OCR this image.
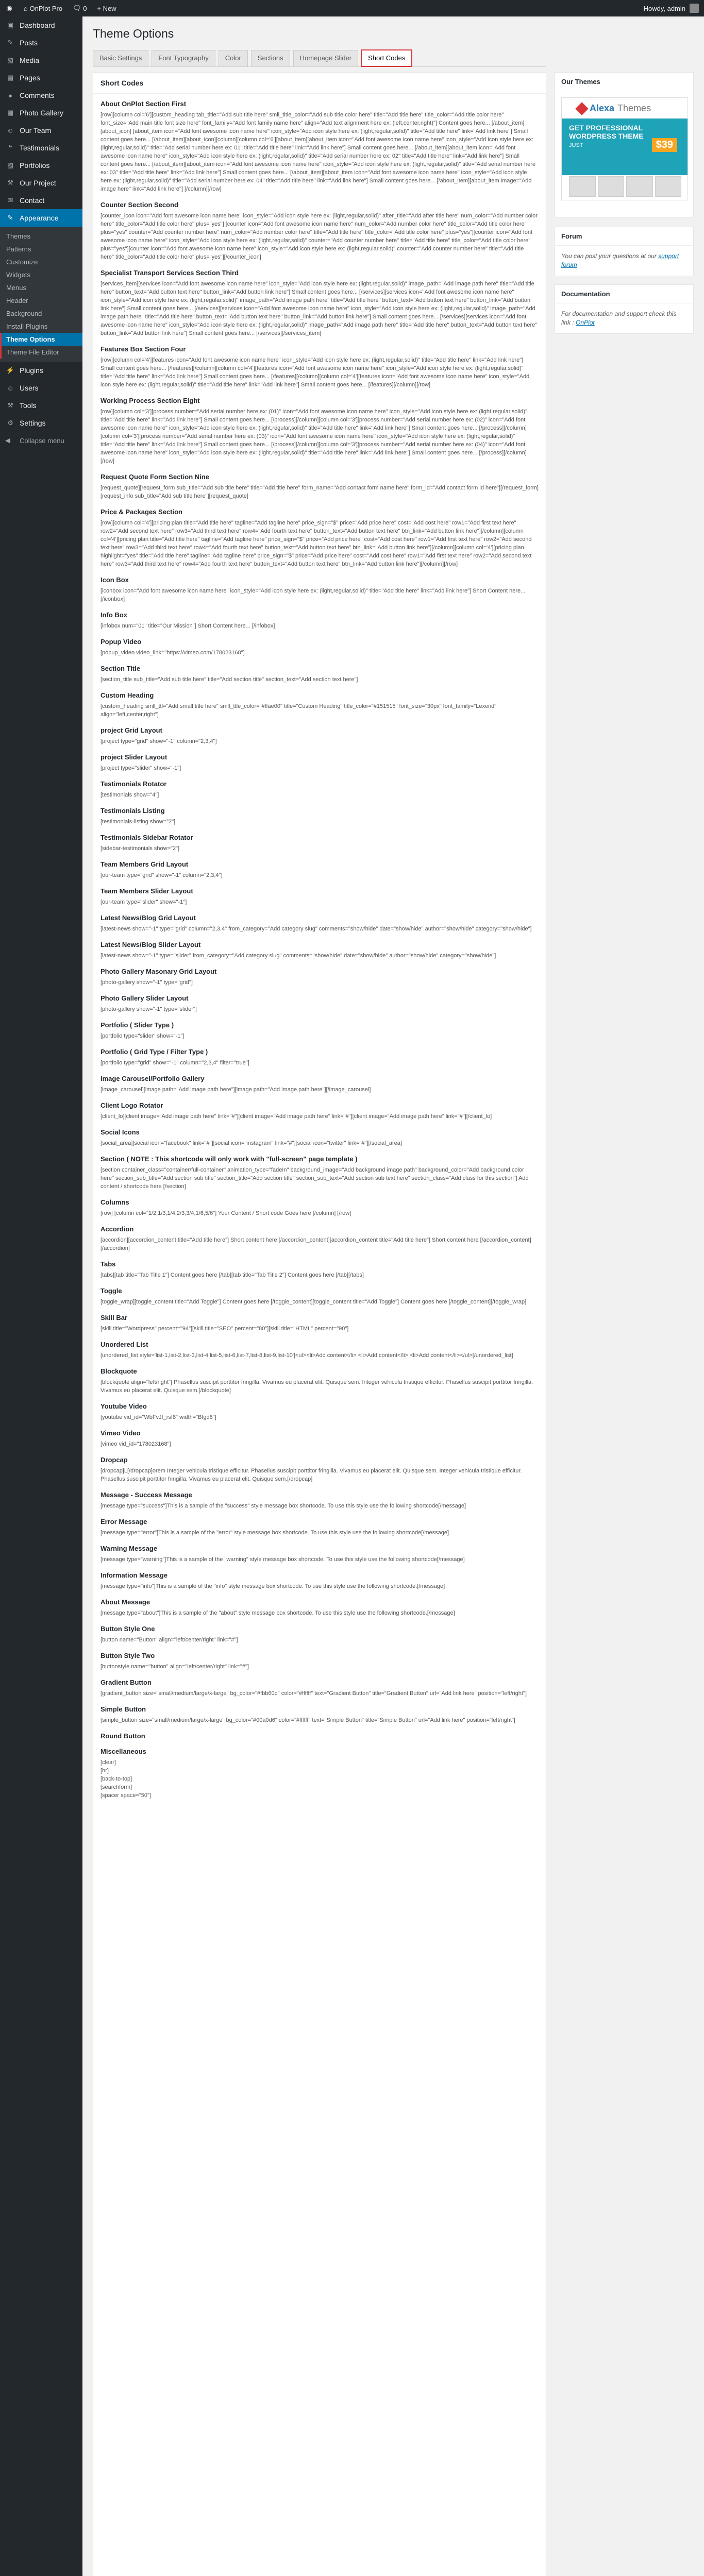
◉	⌂ OnPlot Pro	🗨 0	+ New	Howdy, admin
▣ Dashboard
✎ Posts
▧ Media
▤ Pages
●	Comments
▦ Photo Gallery
☺ Our Team
❝	Testimonials
▨ Portfolios
⚒ Our Project
✉ Contact
✎ Appearance
Themes
Patterns
Customize
Widgets
Menus
Header
Background
Install Plugins
Theme Options
Theme File Editor
⚡ Plugins
☺ Users
⚒ Tools
⚙ Settings
◀	Collapse menu
Theme Options
Basic Settings	Font Typography	Color	Sections	Homepage Slider	Short Codes
Short Codes
About OnPlot Section First
[row][column col='6'][custom_heading tab_title="Add sub title here" smll_title_color="Add sub title color here" title="Add title here" title_color="Add title color here" font_size="Add main title font size here" font_family="Add font family name here" align="Add text alignment here ex: (left,center,right)"] Content goes here... [/about_item][about_icon] [about_item icon="Add font awesome icon name here" icon_style="Add icon style here ex: (light,regular,solid)" title="Add title here" link="Add link here"] Small content goes here... [/about_item][about_icon][column][column col='6'][about_item][about_item icon="Add font awesome icon name here" icon_style="Add icon style here ex: (light,regular,solid)" title="Add serial number here ex: 01" title="Add title here" link="Add link here"] Small content goes here... [/about_item][about_item icon="Add font awesome icon name here" icon_style="Add icon style here ex: (light,regular,solid)" title="Add serial number here ex: 02" title="Add title here" link="Add link here"] Small content goes here... [/about_item][about_item icon="Add font awesome icon name here" icon_style="Add icon style here ex: (light,regular,solid)" title="Add serial number here ex: 03" title="Add title here" link="Add link here"] Small content goes here... [/about_item][about_item icon="Add font awesome icon name here" icon_style="Add icon style here ex: (light,regular,solid)" title="Add serial number here ex: 04" title="Add title here" link="Add link here"] Small content goes here... [/about_item][about_item image="Add image here" link="Add link here"] [/column][/row]
Counter Section Second
[counter_icon icon="Add font awesome icon name here" icon_style="Add icon style here ex: (light,regular,solid)" after_title="Add after title here" num_color="Add number color here" title_color="Add title color here" plus="yes"] [counter icon="Add font awesome icon name here" num_color="Add number color here" title_color="Add title color here" plus="yes" counter="Add counter number here" num_color="Add number color here" title="Add title here" title_color="Add title color here" plus="yes"][counter icon="Add font awesome icon name here" icon_style="Add icon style here ex: (light,regular,solid)" counter="Add counter number here" title="Add title here" title_color="Add title color here" plus="yes"][counter icon="Add font awesome icon name here" icon_style="Add icon style here ex: (light,regular,solid)" counter="Add counter number here" title="Add title here" title_color="Add title color here" plus="yes"][/counter_icon]
Specialist Transport Services Section Third
[services_item][services icon="Add font awesome icon name here" icon_style="Add icon style here ex: (light,regular,solid)" image_path="Add image path here" title="Add title here" button_text="Add button text here" button_link="Add button link here"] Small content goes here... [/services][services icon="Add font awesome icon name here" icon_style="Add icon style here ex: (light,regular,solid)" image_path="Add image path here" title="Add title here" button_text="Add button text here" button_link="Add button link here"] Small content goes here... [/services][services icon="Add font awesome icon name here" icon_style="Add icon style here ex: (light,regular,solid)" image_path="Add image path here" title="Add title here" button_text="Add button text here" button_link="Add button link here"] Small content goes here... [/services][services icon="Add font awesome icon name here" icon_style="Add icon style here ex: (light,regular,solid)" image_path="Add image path here" title="Add title here" button_text="Add button text here" button_link="Add button link here"] Small content goes here... [/services][/services_item]
Features Box Section Four
[row][column col='4'][features icon="Add font awesome icon name here" icon_style="Add icon style here ex: (light,regular,solid)" title="Add title here" link="Add link here"] Small content goes here... [/features][/column][column col='4'][features icon="Add font awesome icon name here" icon_style="Add icon style here ex: (light,regular,solid)" title="Add title here" link="Add link here"] Small content goes here... [/features][/column][column col='4'][features icon="Add font awesome icon name here" icon_style="Add icon style here ex: (light,regular,solid)" title="Add title here" link="Add link here"] Small content goes here... [/features][/column][/row]
Working Process Section Eight
[row][column col='3'][process number="Add serial number here ex: (01)" icon="Add font awesome icon name here" icon_style="Add icon style here ex: (light,regular,solid)" title="Add title here" link="Add link here"] Small content goes here... [/process][/column][column col='3'][process number="Add serial number here ex: (02)" icon="Add font awesome icon name here" icon_style="Add icon style here ex: (light,regular,solid)" title="Add title here" link="Add link here"] Small content goes here... [/process][/column][column col='3'][process number="Add serial number here ex: (03)" icon="Add font awesome icon name here" icon_style="Add icon style here ex: (light,regular,solid)" title="Add title here" link="Add link here"] Small content goes here... [/process][/column][column col='3'][process number="Add serial number here ex: (04)" icon="Add font awesome icon name here" icon_style="Add icon style here ex: (light,regular,solid)" title="Add title here" link="Add link here"] Small content goes here... [/process][/column][/row]
Request Quote Form Section Nine
[request_quote][request_form sub_title="Add sub title here" title="Add title here" form_name="Add contact form name here" form_id="Add contact form id here"][/request_form][request_info sub_title="Add sub title here"][request_quote]
Price & Packages Section
[row][column col='4'][pricing plan title="Add title here" tagline="Add tagline here" price_sign="$" price="Add price here" cost="Add cost here" row1="Add first text here" row2="Add second text here" row3="Add third text here" row4="Add fourth text here" button_text="Add button text here" btn_link="Add button link here"][/column][column col='4'][pricing plan title="Add title here" tagline="Add tagline here" price_sign="$" price="Add price here" cost="Add cost here" row1="Add first text here" row2="Add second text here" row3="Add third text here" row4="Add fourth text here" button_text="Add button text here" btn_link="Add button link here"][/column][column col='4'][pricing plan highlight="yes" title="Add title here" tagline="Add tagline here" price_sign="$" price="Add price here" cost="Add cost here" row1="Add first text here" row2="Add second text here" row3="Add third text here" row4="Add fourth text here" button_text="Add button text here" btn_link="Add button link here"][/column][/row]
Icon Box
[iconbox icon="Add font awesome icon name here" icon_style="Add icon style here ex: (light,regular,solid)" title="Add title here" link="Add link here"] Short Content here... [/iconbox]
Info Box
[infobox num="01" title="Our Mission"] Short Content here... [/infobox]
Popup Video
[popup_video video_link="https://vimeo.com/178023168"]
Section Title
[section_title sub_title="Add sub title here" title="Add section title" section_text="Add section text here"]
Custom Heading
[custom_heading smll_ttl="Add small title here" smll_ttle_color="#ffae00" title="Custom Heading" title_color="#151515" font_size="30px" font_family="Lexend" align="left,center,right"]
project Grid Layout
[project type="grid" show="-1" column="2,3,4"]
project Slider Layout
[project type="slider" show="-1"]
Testimonials Rotator
[testimonials show="4"]
Testimonials Listing
[testimonials-listing show="2"]
Testimonials Sidebar Rotator
[sidebar-testimonials show="2"]
Team Members Grid Layout
[our-team type="grid" show="-1" column="2,3,4"]
Team Members Slider Layout
[our-team type="slider" show="-1"]
Latest News/Blog Grid Layout
[latest-news show="-1" type="grid" column="2,3,4" from_category="Add category slug" comments="show/hide" date="show/hide" author="show/hide" category="show/hide"]
Latest News/Blog Slider Layout
[latest-news show="-1" type="slider" from_category="Add category slug" comments="show/hide" date="show/hide" author="show/hide" category="show/hide"]
Photo Gallery Masonary Grid Layout
[photo-gallery show="-1" type="grid"]
Photo Gallery Slider Layout
[photo-gallery show="-1" type="slider"]
Portfolio ( Slider Type )
[portfolio type="slider" show="-1"]
Portfolio ( Grid Type / Filter Type )
[portfolio type="grid" show="-1" column="2,3,4" filter="true"]
Image Carousel/Portfolio Gallery
[image_carousel][image path="Add image path here"][image path="Add image path here"][/image_carousel]
Client Logo Rotator
[client_lo][client image="Add image path here" link="#"][client image="Add image path here" link="#"][client image="Add image path here" link="#"][/client_lo]
Social Icons
[social_area][social icon="facebook" link="#"][social icon="instagram" link="#"][social icon="twitter" link="#"][/social_area]
Section ( NOTE : This shortcode will only work with "full-screen" page template )
[section container_class="container/full-container" animation_type="fadeIn" background_image="Add background image path" background_color="Add background color here" section_sub_title="Add section sub title" section_title="Add section title" section_sub_text="Add section sub text here" section_class="Add class for this section"] Add content / shortcode here [/section]
Columns
[row] [column col="1/2,1/3,1/4,2/3,3/4,1/6,5/6"] Your Content / Short code Goes here [/column] [/row]
Accordion
[accordion][accordion_content title="Add title here"] Short content here [/accordion_content][accordion_content title="Add title here"] Short content here [/accordion_content][/accordion]
Tabs
[tabs][tab title="Tab Title 1"] Content goes here [/tab][tab title="Tab Title 2"] Content goes here [/tab][/tabs]
Toggle
[toggle_wrap][toggle_content title="Add Toggle"] Content goes here [/toggle_content][toggle_content title="Add Toggle"] Content goes here [/toggle_content][/toggle_wrap]
Skill Bar
[skill title="Wordpress" percent="94"][skill title="SEO" percent="80"][skill title="HTML" percent="90"]
Unordered List
[unordered_list style='list-1,list-2,list-3,list-4,list-5,list-6,list-7,list-8,list-9,list-10']<ul><li>Add content</li> <li>Add content</li> <li>Add content</li></ul>[/unordered_list]
Blockquote
[blockquote align="left/right"] Phasellus suscipit porttitor fringilla. Vivamus eu placerat elit. Quisque sem. Integer vehicula tristique efficitur. Phasellus suscipit porttitor fringilla. Vivamus eu placerat elit. Quisque sem.[/blockquote]
Youtube Video
[youtube vid_id="WbFvJI_rsf8" width="Bfgd8"]
Vimeo Video
[vimeo vid_id="178023168"]
Dropcap
[dropcap]L[/dropcap]orem Integer vehicula tristique efficitur. Phasellus suscipit porttitor fringilla. Vivamus eu placerat elit. Quisque sem. Integer vehicula tristique efficitur. Phasellus suscipit porttitor fringilla. Vivamus eu placerat elit. Quisque sem.[/dropcap]
Message - Success Message
[message type="success"]This is a sample of the "success" style message box shortcode. To use this style use the following shortcode[/message]
Error Message
[message type="error"]This is a sample of the "error" style message box shortcode. To use this style use the following shortcode[/message]
Warning Message
[message type="warning"]This is a sample of the "warning" style message box shortcode. To use this style use the following shortcode[/message]
Information Message
[message type="info"]This is a sample of the "info" style message box shortcode. To use this style use the following shortcode.[/message]
About Message
[message type="about"]This is a sample of the "about" style message box shortcode. To use this style use the following shortcode.[/message]
Button Style One
[button name="Button" align="left/center/right" link="#"]
Button Style Two
[buttonstyle name="button" align="left/center/right" link="#"]
Gradient Button
[gradient_button size="small/medium/large/x-large" bg_color="#fbb60d" color="#ffffff" text="Gradient Button" title="Gradient Button" url="Add link here" position="left/right"]
Simple Button
[simple_button size="small/medium/large/x-large" bg_color="#00a0d6" color="#ffffff" text="Simple Button" title="Simple Button" url="Add link here" position="left/right"]
Round Button
Miscellaneous
[clear]
[hr]
[back-to-top]
[searchform]
[spacer space="50"]
Our Themes
Alexa Themes
GET PROFESSIONAL WORDPRESS THEME
JUST	$39
Forum
You can post your questions at our support forum
Documentation
For documentation and support check this link : OnPlot
